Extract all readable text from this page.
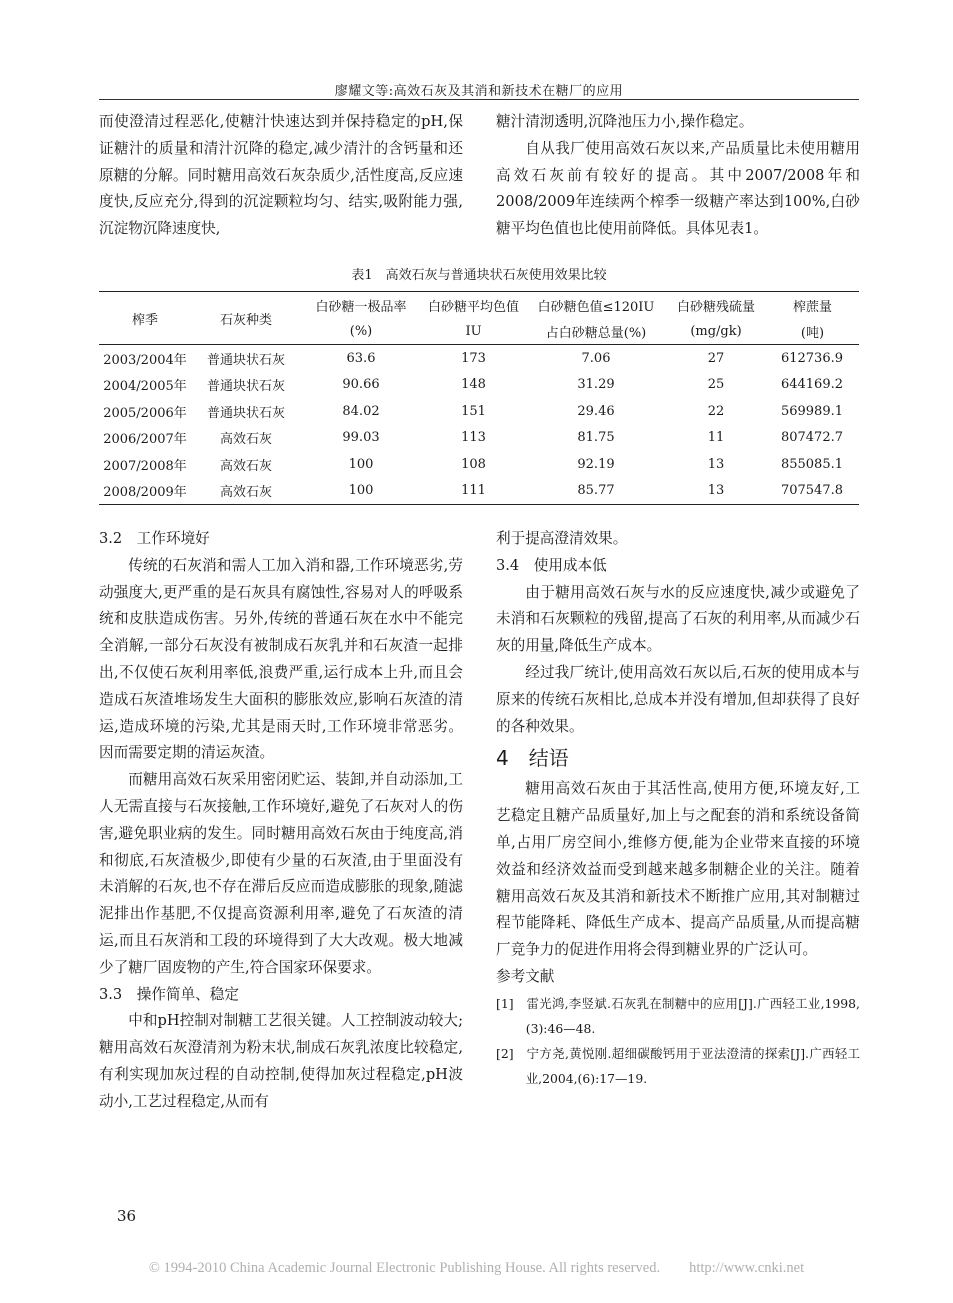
廖耀文等:高效石灰及其消和新技术在糖厂的应用

而使澄清过程恶化,使糖汁快速达到并保持稳定的pH,保证糖汁的质量和清汁沉降的稳定,减少清汁的含钙量和还原糖的分解。同时糖用高效石灰杂质少,活性度高,反应速度快,反应充分,得到的沉淀颗粒均匀、结实,吸附能力强,沉淀物沉降速度快,

糖汁清沏透明,沉降池压力小,操作稳定。

自从我厂使用高效石灰以来,产品质量比未使用糖用高效石灰前有较好的提高。其中2007/2008年和2008/2009年连续两个榨季一级糖产率达到100%,白砂糖平均色值也比使用前降低。具体见表1。

表1　高效石灰与普通块状石灰使用效果比较
榨季	石灰种类	白砂糖一极品率	白砂糖平均色值	白砂糖色值≤120IU	白砂糖残硫量	榨蔗量
		(%)	IU	占白砂糖总量(%)	(mg/gk)	(吨)
2003/2004年	普通块状石灰	63.6	173	7.06	27	612736.9
2004/2005年	普通块状石灰	90.66	148	31.29	25	644169.2
2005/2006年	普通块状石灰	84.02	151	29.46	22	569989.1
2006/2007年	高效石灰	99.03	113	81.75	11	807472.7
2007/2008年	高效石灰	100	108	92.19	13	855085.1
2008/2009年	高效石灰	100	111	85.77	13	707547.8

3.2　工作环境好

传统的石灰消和需人工加入消和器,工作环境恶劣,劳动强度大,更严重的是石灰具有腐蚀性,容易对人的呼吸系统和皮肤造成伤害。另外,传统的普通石灰在水中不能完全消解,一部分石灰没有被制成石灰乳并和石灰渣一起排出,不仅使石灰利用率低,浪费严重,运行成本上升,而且会造成石灰渣堆场发生大面积的膨胀效应,影响石灰渣的清运,造成环境的污染,尤其是雨天时,工作环境非常恶劣。因而需要定期的清运灰渣。

而糖用高效石灰采用密闭贮运、装卸,并自动添加,工人无需直接与石灰接触,工作环境好,避免了石灰对人的伤害,避免职业病的发生。同时糖用高效石灰由于纯度高,消和彻底,石灰渣极少,即使有少量的石灰渣,由于里面没有未消解的石灰,也不存在滞后反应而造成膨胀的现象,随滤泥排出作基肥,不仅提高资源利用率,避免了石灰渣的清运,而且石灰消和工段的环境得到了大大改观。极大地减少了糖厂固废物的产生,符合国家环保要求。

3.3　操作简单、稳定

中和pH控制对制糖工艺很关键。人工控制波动较大;糖用高效石灰澄清剂为粉末状,制成石灰乳浓度比较稳定,有利实现加灰过程的自动控制,使得加灰过程稳定,pH波动小,工艺过程稳定,从而有

利于提高澄清效果。

3.4　使用成本低

由于糖用高效石灰与水的反应速度快,减少或避免了未消和石灰颗粒的残留,提高了石灰的利用率,从而减少石灰的用量,降低生产成本。

经过我厂统计,使用高效石灰以后,石灰的使用成本与原来的传统石灰相比,总成本并没有增加,但却获得了良好的各种效果。

4　结语

糖用高效石灰由于其活性高,使用方便,环境友好,工艺稳定且糖产品质量好,加上与之配套的消和系统设备简单,占用厂房空间小,维修方便,能为企业带来直接的环境效益和经济效益而受到越来越多制糖企业的关注。随着糖用高效石灰及其消和新技术不断推广应用,其对制糖过程节能降耗、降低生产成本、提高产品质量,从而提高糖厂竞争力的促进作用将会得到糖业界的广泛认可。

参考文献

[1]　雷光鸿,李竖斌.石灰乳在制糖中的应用[J].广西轻工业,1998,(3):46—48.

[2]　宁方尧,黄悦刚.超细碳酸钙用于亚法澄清的探索[J].广西轻工业,2004,(6):17—19.

36
© 1994-2010 China Academic Journal Electronic Publishing House. All rights reserved.　　http://www.cnki.net
